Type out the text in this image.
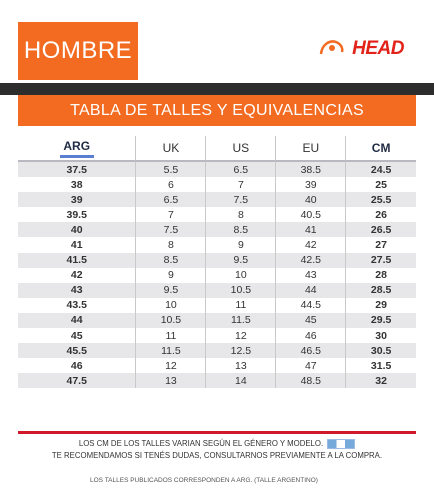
HOMBRE	HEAD
TABLA DE TALLES Y EQUIVALENCIAS
ARG	UK	US	EU	CM
37.5	5.5	6.5	38.5	24.5
38	6	7	39	25
39	6.5	7.5	40	25.5
39.5	7	8	40.5	26
40	7.5	8.5	41	26.5
41	8	9	42	27
41.5	8.5	9.5	42.5	27.5
42	9	10	43	28
43	9.5	10.5	44	28.5
43.5	10	11	44.5	29
44	10.5	11.5	45	29.5
45	11	12	46	30
45.5	11.5	12.5	46.5	30.5
46	12	13	47	31.5
47.5	13	14	48.5	32
LOS CM DE LOS TALLES VARIAN SEGÚN EL GÉNERO Y MODELO.
TE RECOMENDAMOS SI TENÉS DUDAS, CONSULTARNOS PREVIAMENTE A LA COMPRA.
LOS TALLES PUBLICADOS CORRESPONDEN A ARG. (TALLE ARGENTINO)
